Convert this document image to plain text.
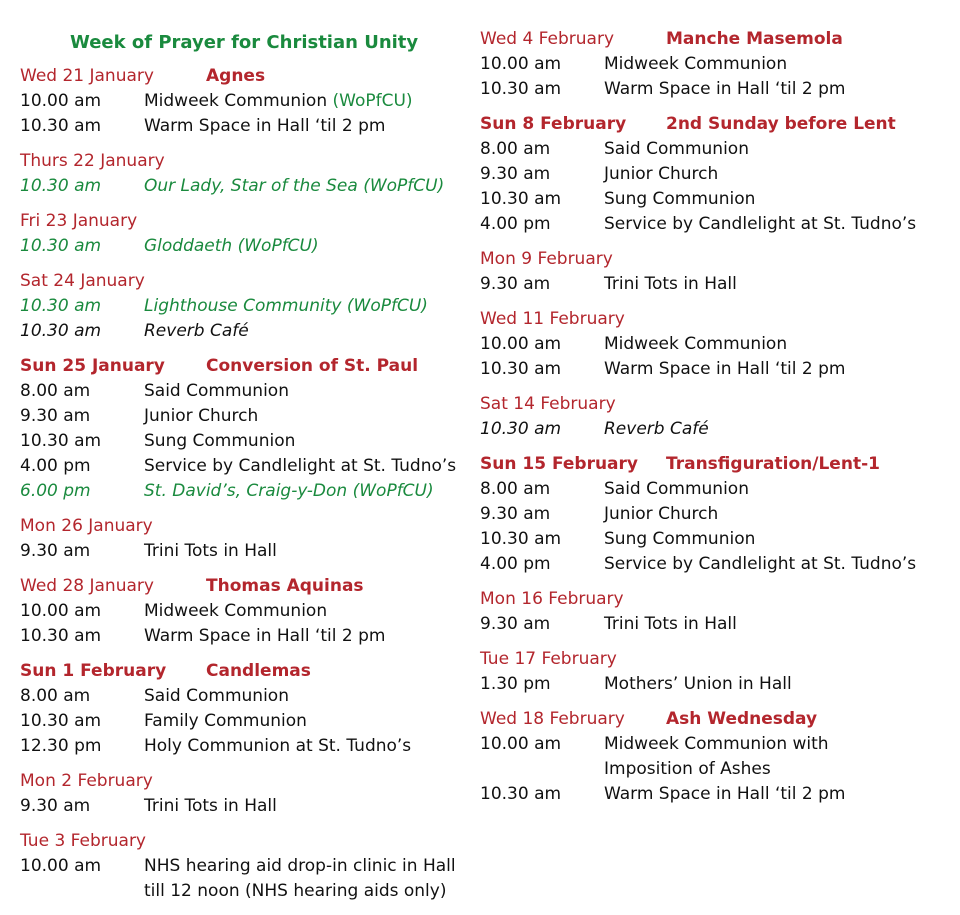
Week of Prayer for Christian Unity
Wed 21 January	Agnes
10.00 am	Midweek Communion (WoPfCU)
10.30 am	Warm Space in Hall ‘til 2 pm
Thurs 22 January
10.30 am	Our Lady, Star of the Sea (WoPfCU)
Fri 23 January
10.30 am	Gloddaeth (WoPfCU)
Sat 24 January
10.30 am	Lighthouse Community (WoPfCU)
10.30 am	Reverb Café
Sun 25 January Conversion of St. Paul
8.00 am	Said Communion
9.30 am	Junior Church
10.30 am	Sung Communion
4.00 pm	Service by Candlelight at St. Tudno’s
6.00 pm	St. David’s, Craig-y-Don (WoPfCU)
Mon 26 January
9.30 am	Trini Tots in Hall
Wed 28 January	Thomas Aquinas
10.00 am	Midweek Communion
10.30 am	Warm Space in Hall ‘til 2 pm
Sun 1 February Candlemas
8.00 am	Said Communion
10.30 am	Family Communion
12.30 pm	Holy Communion at St. Tudno’s
Mon 2 February
9.30 am	Trini Tots in Hall
Tue 3 February
10.00 am	NHS hearing aid drop-in clinic in Hall
till 12 noon (NHS hearing aids only)
Wed 4 February	Manche Masemola
10.00 am	Midweek Communion
10.30 am	Warm Space in Hall ‘til 2 pm
Sun 8 February 2nd Sunday before Lent
8.00 am	Said Communion
9.30 am	Junior Church
10.30 am	Sung Communion
4.00 pm	Service by Candlelight at St. Tudno’s
Mon 9 February
9.30 am	Trini Tots in Hall
Wed 11 February
10.00 am	Midweek Communion
10.30 am	Warm Space in Hall ‘til 2 pm
Sat 14 February
10.30 am	Reverb Café
Sun 15 February Transfiguration/Lent-1
8.00 am	Said Communion
9.30 am	Junior Church
10.30 am	Sung Communion
4.00 pm	Service by Candlelight at St. Tudno’s
Mon 16 February
9.30 am	Trini Tots in Hall
Tue 17 February
1.30 pm	Mothers’ Union in Hall
Wed 18 February Ash Wednesday
10.00 am	Midweek Communion with
Imposition of Ashes
10.30 am	Warm Space in Hall ‘til 2 pm
